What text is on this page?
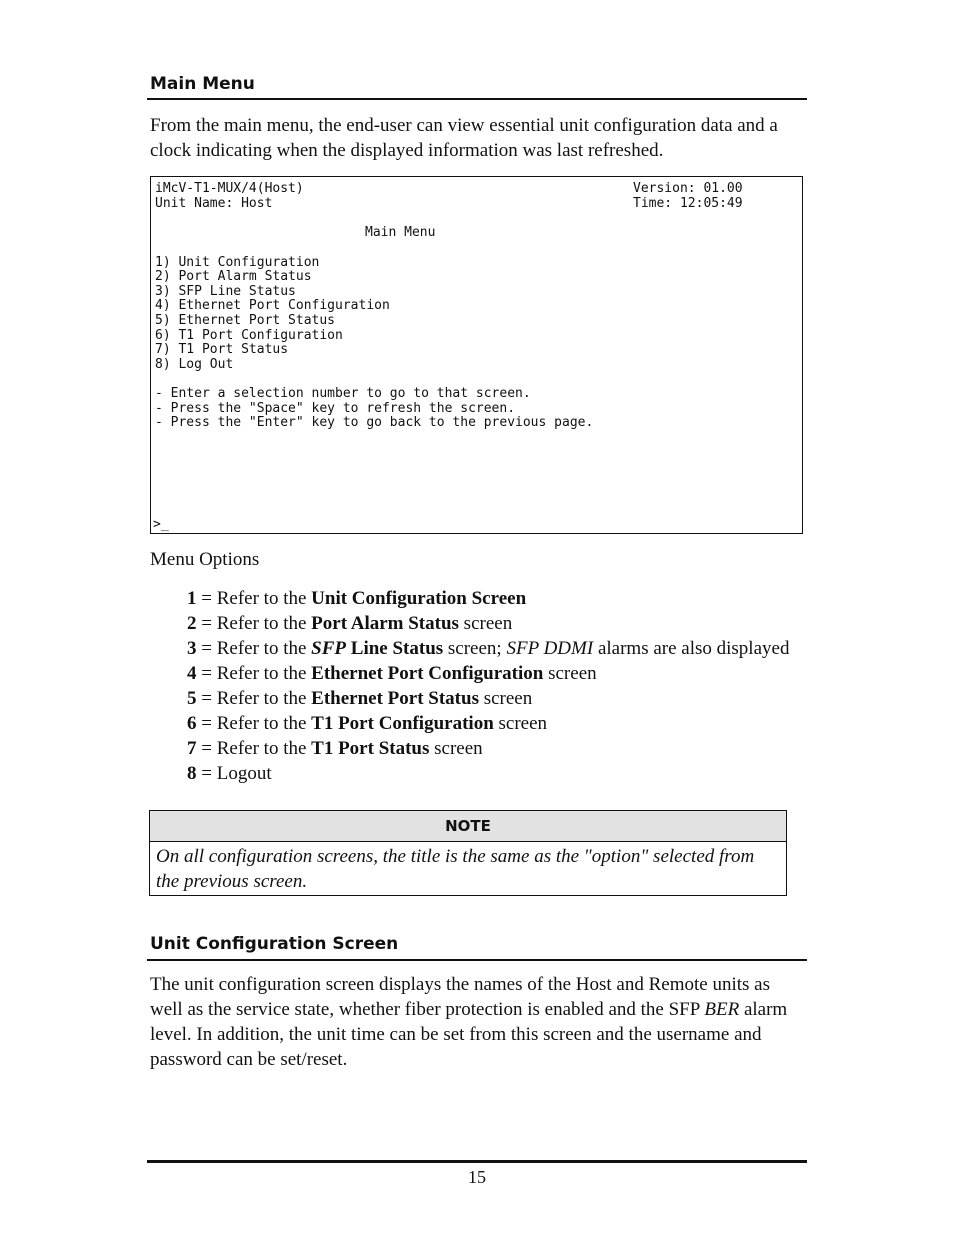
Main Menu

From the main menu, the end-user can view essential unit configuration data and a clock indicating when the displayed information was last refreshed.

iMcV-T1-MUX/4(Host)	Version: 01.00
Unit Name: Host	Time: 12:05:49
Main Menu
1) Unit Configuration
2) Port Alarm Status
3) SFP Line Status
4) Ethernet Port Configuration
5) Ethernet Port Status
6) T1 Port Configuration
7) T1 Port Status
8) Log Out
- Enter a selection number to go to that screen.
- Press the "Space" key to refresh the screen.
- Press the "Enter" key to go back to the previous page.
>_
Menu Options
1 = Refer to the Unit Configuration Screen
2 = Refer to the Port Alarm Status screen
3 = Refer to the SFP Line Status screen; SFP DDMI alarms are also displayed
4 = Refer to the Ethernet Port Configuration screen
5 = Refer to the Ethernet Port Status screen
6 = Refer to the T1 Port Configuration screen
7 = Refer to the T1 Port Status screen
8 = Logout
NOTE
On all configuration screens, the title is the same as the "option" selected from the previous screen.
Unit Configuration Screen

The unit configuration screen displays the names of the Host and Remote units as well as the service state, whether fiber protection is enabled and the SFP BER alarm level. In addition, the unit time can be set from this screen and the username and password can be set/reset.

15
